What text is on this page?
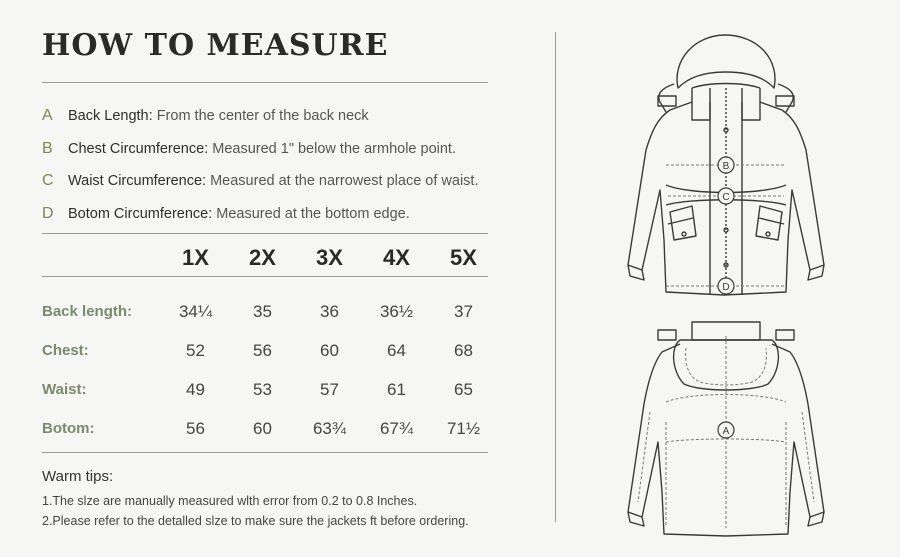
HOW TO MEASURE
A Back Length: From the center of the back neck
B Chest Circumference: Measured 1" below the armhole point.
C Waist Circumference: Measured at the narrowest place of waist.
D Botom Circumference: Measured at the bottom edge.
	1X	2X	3X	4X	5X

Back length:	34¼	35	36	36½	37
Chest:	52	56	60	64	68
Waist:	49	53	57	61	65
Botom:	56	60	63¾	67¾	71½
Warm tips:
1.The slze are manually measured wlth error from 0.2 to 0.8 Inches.
2.Please refer to the detalled slze to make sure the jackets ft before ordering.
B
C
D
A
